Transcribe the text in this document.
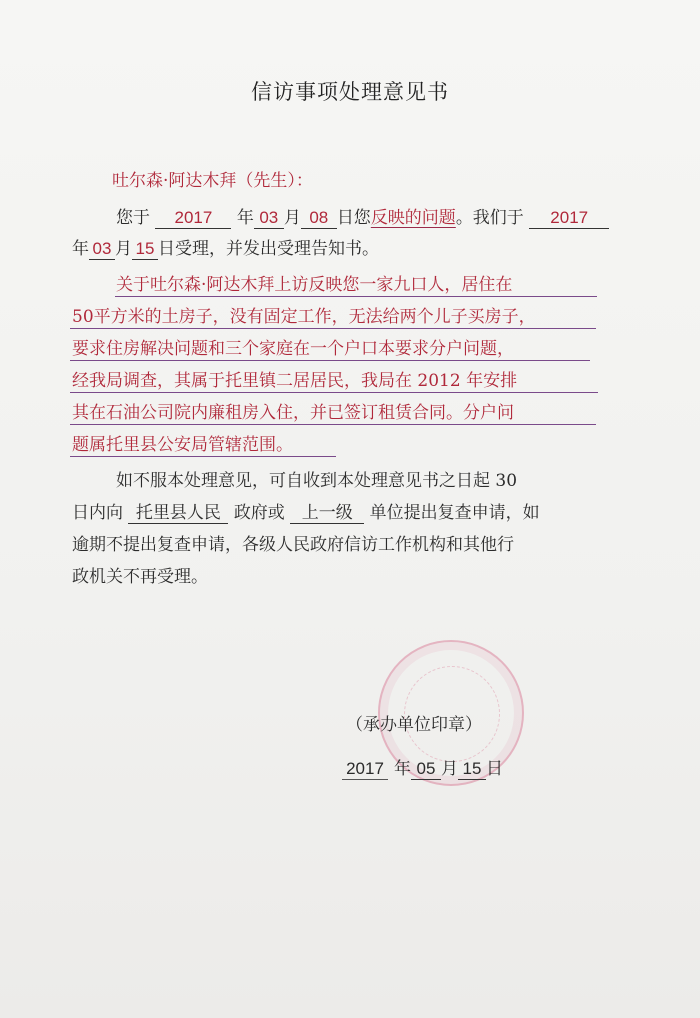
信访事项处理意见书
吐尔森·阿达木拜（先生）：
您于 2017 年 03 月 08 日您反映的问题。我们于 2017
年 03 月 15 日受理，并发出受理告知书。
关于吐尔森·阿达木拜上访反映您一家九口人，居住在
50平方米的土房子，没有固定工作，无法给两个儿子买房子，
要求住房解决问题和三个家庭在一个户口本要求分户问题，
经我局调查，其属于托里镇二居居民，我局在 2012 年安排
其在石油公司院内廉租房入住，并已签订租赁合同。分户问
题属托里县公安局管辖范围。
如不服本处理意见，可自收到本处理意见书之日起 30
日内向 托里县人民 政府或 上一级 单位提出复查申请，如
逾期不提出复查申请，各级人民政府信访工作机构和其他行
政机关不再受理。
（承办单位印章）
2017 年 05 月 15 日
